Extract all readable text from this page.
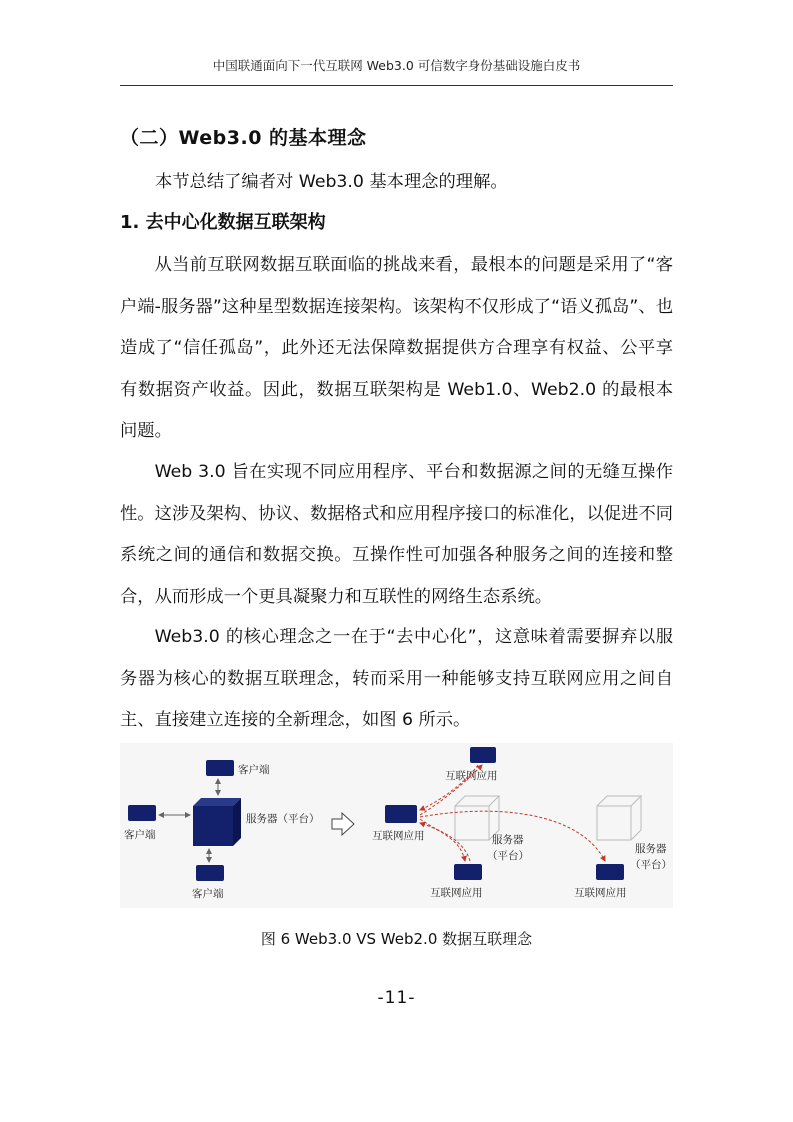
中国联通面向下一代互联网 Web3.0 可信数字身份基础设施白皮书
（二）Web3.0 的基本理念

本节总结了编者对 Web3.0 基本理念的理解。

1. 去中心化数据互联架构

从当前互联网数据互联面临的挑战来看，最根本的问题是采用了“客户端-服务器”这种星型数据连接架构。该架构不仅形成了“语义孤岛”、也造成了“信任孤岛”，此外还无法保障数据提供方合理享有权益、公平享有数据资产收益。因此，数据互联架构是 Web1.0、Web2.0 的最根本问题。

Web 3.0 旨在实现不同应用程序、平台和数据源之间的无缝互操作性。这涉及架构、协议、数据格式和应用程序接口的标准化，以促进不同系统之间的通信和数据交换。互操作性可加强各种服务之间的连接和整合，从而形成一个更具凝聚力和互联性的网络生态系统。

Web3.0 的核心理念之一在于“去中心化”，这意味着需要摒弃以服务器为核心的数据互联理念，转而采用一种能够支持互联网应用之间自主、直接建立连接的全新理念，如图 6 所示。

服务器（平台）
客户端
客户端
客户端
互联网应用
互联网应用	服务器
（平台）
互联网应用
服务器
（平台）
互联网应用
图 6 Web3.0 VS Web2.0 数据互联理念
-11-
